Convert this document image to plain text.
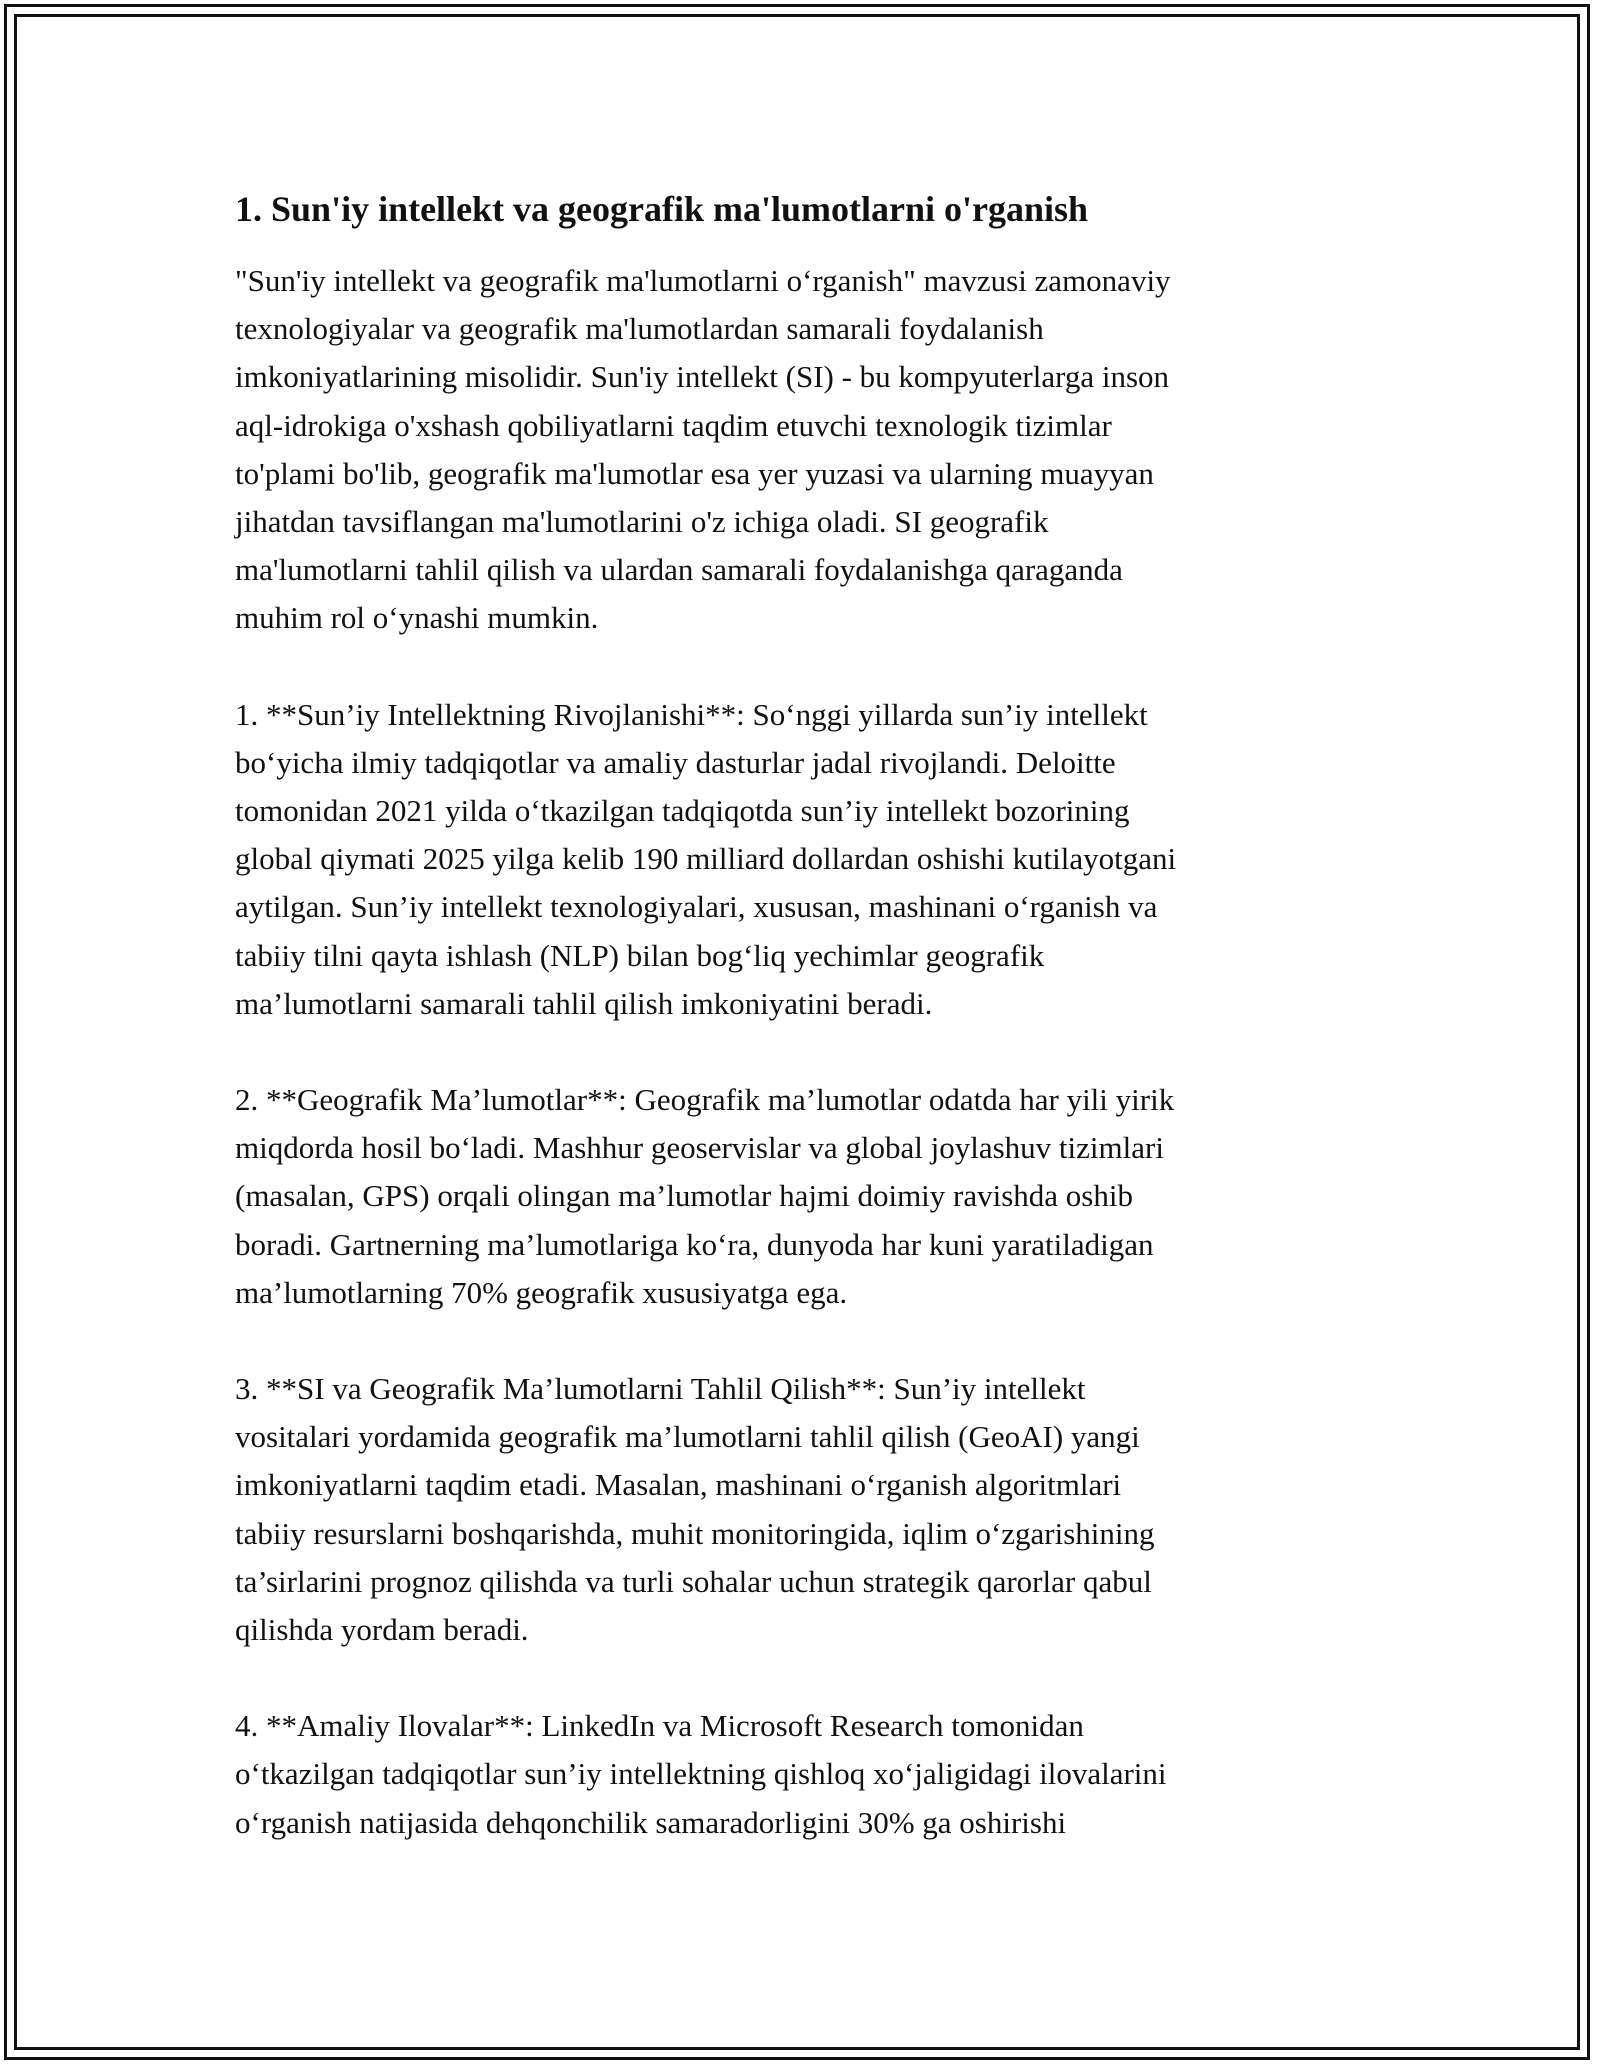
1. Sun'iy intellekt va geografik ma'lumotlarni o'rganish

"Sun'iy intellekt va geografik ma'lumotlarni o‘rganish" mavzusi zamonaviy
texnologiyalar va geografik ma'lumotlardan samarali foydalanish
imkoniyatlarining misolidir. Sun'iy intellekt (SI) - bu kompyuterlarga inson
aql-idrokiga o'xshash qobiliyatlarni taqdim etuvchi texnologik tizimlar
to'plami bo'lib, geografik ma'lumotlar esa yer yuzasi va ularning muayyan
jihatdan tavsiflangan ma'lumotlarini o'z ichiga oladi. SI geografik
ma'lumotlarni tahlil qilish va ulardan samarali foydalanishga qaraganda
muhim rol o‘ynashi mumkin.

1. **Sun’iy Intellektning Rivojlanishi**: So‘nggi yillarda sun’iy intellekt
bo‘yicha ilmiy tadqiqotlar va amaliy dasturlar jadal rivojlandi. Deloitte
tomonidan 2021 yilda o‘tkazilgan tadqiqotda sun’iy intellekt bozorining
global qiymati 2025 yilga kelib 190 milliard dollardan oshishi kutilayotgani
aytilgan. Sun’iy intellekt texnologiyalari, xususan, mashinani o‘rganish va
tabiiy tilni qayta ishlash (NLP) bilan bog‘liq yechimlar geografik
ma’lumotlarni samarali tahlil qilish imkoniyatini beradi.

2. **Geografik Ma’lumotlar**: Geografik ma’lumotlar odatda har yili yirik
miqdorda hosil bo‘ladi. Mashhur geoservislar va global joylashuv tizimlari
(masalan, GPS) orqali olingan ma’lumotlar hajmi doimiy ravishda oshib
boradi. Gartnerning ma’lumotlariga ko‘ra, dunyoda har kuni yaratiladigan
ma’lumotlarning 70% geografik xususiyatga ega.

3. **SI va Geografik Ma’lumotlarni Tahlil Qilish**: Sun’iy intellekt
vositalari yordamida geografik ma’lumotlarni tahlil qilish (GeoAI) yangi
imkoniyatlarni taqdim etadi. Masalan, mashinani o‘rganish algoritmlari
tabiiy resurslarni boshqarishda, muhit monitoringida, iqlim o‘zgarishining
ta’sirlarini prognoz qilishda va turli sohalar uchun strategik qarorlar qabul
qilishda yordam beradi.

4. **Amaliy Ilovalar**: LinkedIn va Microsoft Research tomonidan
o‘tkazilgan tadqiqotlar sun’iy intellektning qishloq xo‘jaligidagi ilovalarini
o‘rganish natijasida dehqonchilik samaradorligini 30% ga oshirishi
